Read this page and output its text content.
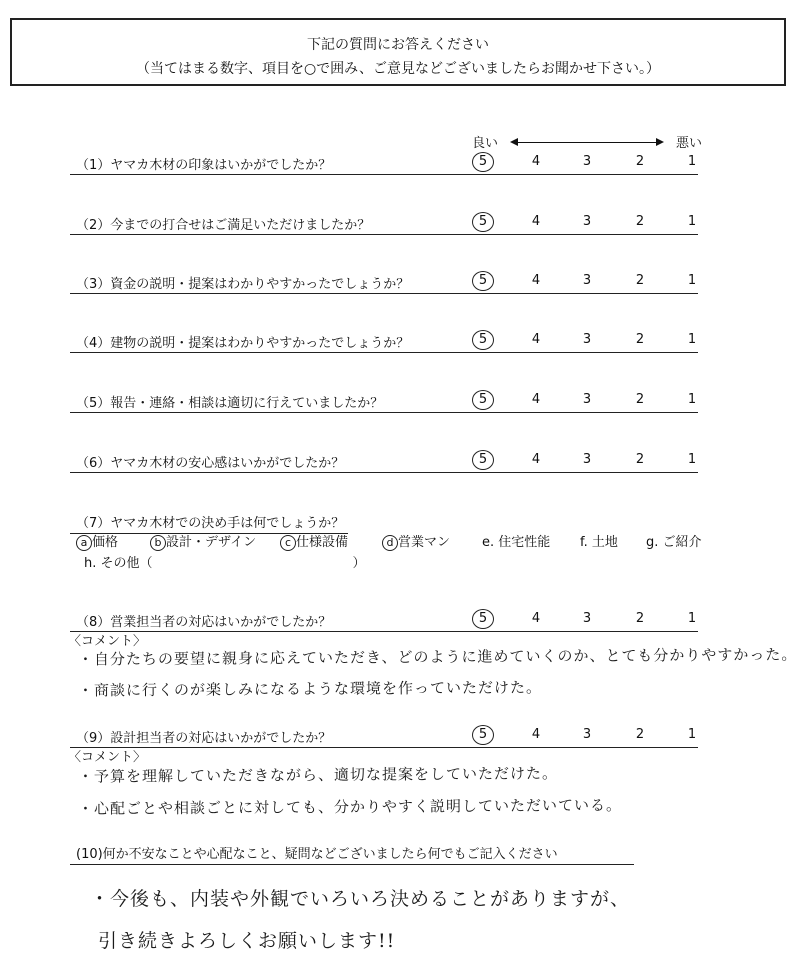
下記の質問にお答えください
（当てはまる数字、項目を○で囲み、ご意見などございましたらお聞かせ下さい。）
良い	悪い
（1）ヤマカ木材の印象はいかがでしたか？	5	4	3	2	1
（2）今までの打合せはご満足いただけましたか？	5	4	3	2	1
（3）資金の説明・提案はわかりやすかったでしょうか？	5	4	3	2	1
（4）建物の説明・提案はわかりやすかったでしょうか？	5	4	3	2	1
（5）報告・連絡・相談は適切に行えていましたか？	5	4	3	2	1
（6）ヤマカ木材の安心感はいかがでしたか？	5	4	3	2	1
（7）ヤマカ木材での決め手は何でしょうか？
a 価格	b 設計・デザイン	c 仕様設備	d 営業マン e. 住宅性能 f. 土地 g. ご紹介
h. その他（	）
（8）営業担当者の対応はいかがでしたか？	5	4	3	2	1
〈コメント〉
・自分たちの要望に親身に応えていただき、どのように進めていくのか、とても分かりやすかった。
・商談に行くのが楽しみになるような環境を作っていただけた。
（9）設計担当者の対応はいかがでしたか？	5	4	3	2	1
〈コメント〉
・予算を理解していただきながら、適切な提案をしていただけた。
・心配ごとや相談ごとに対しても、分かりやすく説明していただいている。
(10)何か不安なことや心配なこと、疑問などございましたら何でもご記入ください
・今後も、内装や外観でいろいろ決めることがありますが、
引き続きよろしくお願いします!!
